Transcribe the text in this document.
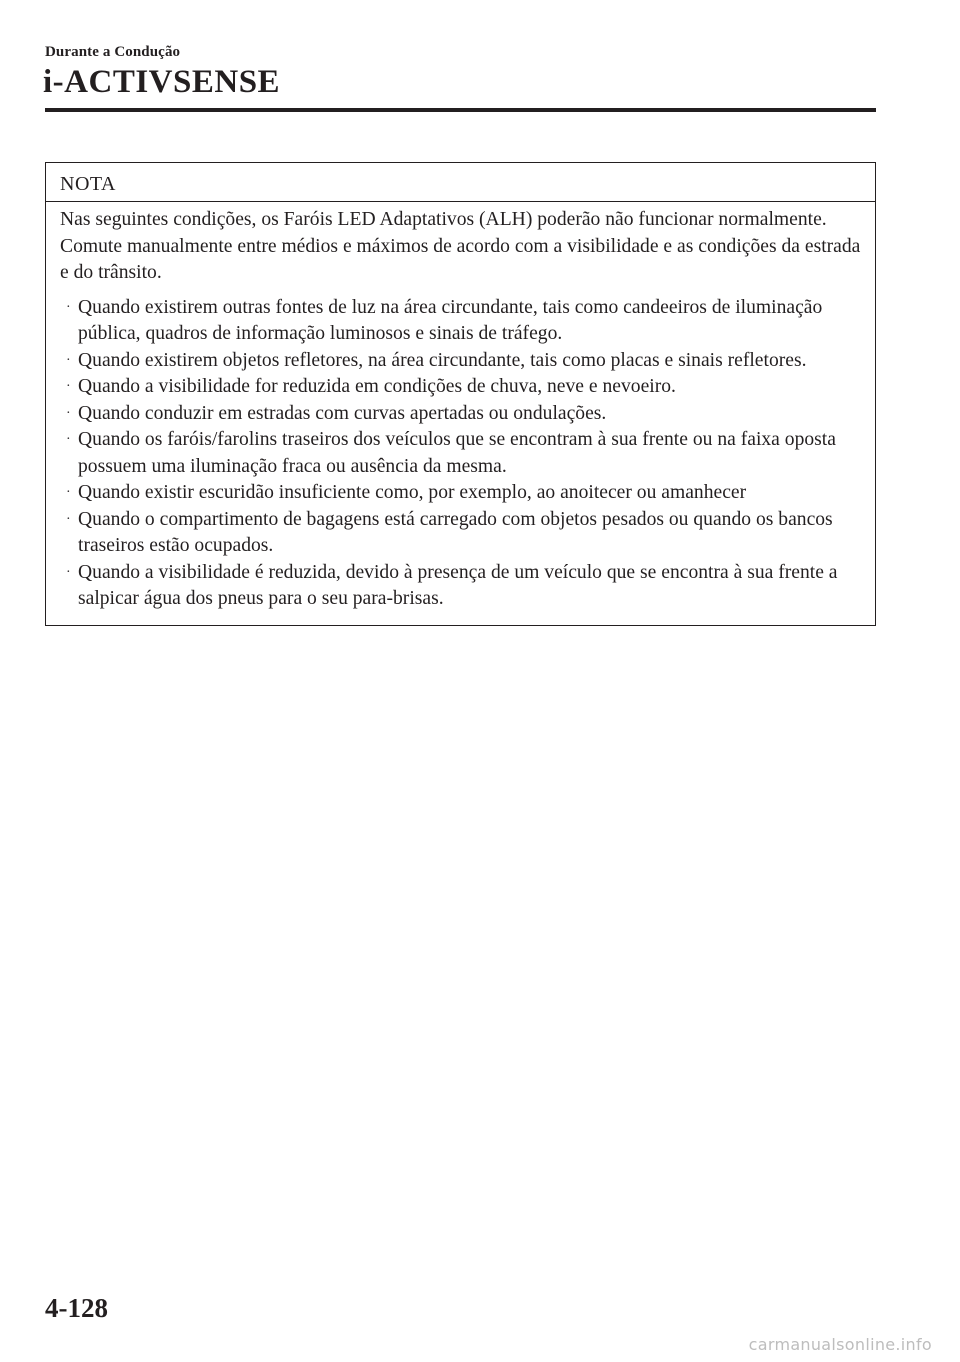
Durante a Condução
i-ACTIVSENSE
NOTA

Nas seguintes condições, os Faróis LED Adaptativos (ALH) poderão não funcionar normalmente. Comute manualmente entre médios e máximos de acordo com a visibilidade e as condições da estrada e do trânsito.

· Quando existirem outras fontes de luz na área circundante, tais como candeeiros de iluminação pública, quadros de informação luminosos e sinais de tráfego.
· Quando existirem objetos refletores, na área circundante, tais como placas e sinais refletores.
· Quando a visibilidade for reduzida em condições de chuva, neve e nevoeiro.
· Quando conduzir em estradas com curvas apertadas ou ondulações.
· Quando os faróis/farolins traseiros dos veículos que se encontram à sua frente ou na faixa oposta possuem uma iluminação fraca ou ausência da mesma.
· Quando existir escuridão insuficiente como, por exemplo, ao anoitecer ou amanhecer
· Quando o compartimento de bagagens está carregado com objetos pesados ou quando os bancos traseiros estão ocupados.
· Quando a visibilidade é reduzida, devido à presença de um veículo que se encontra à sua frente a salpicar água dos pneus para o seu para-brisas.
4-128
carmanualsonline.info
